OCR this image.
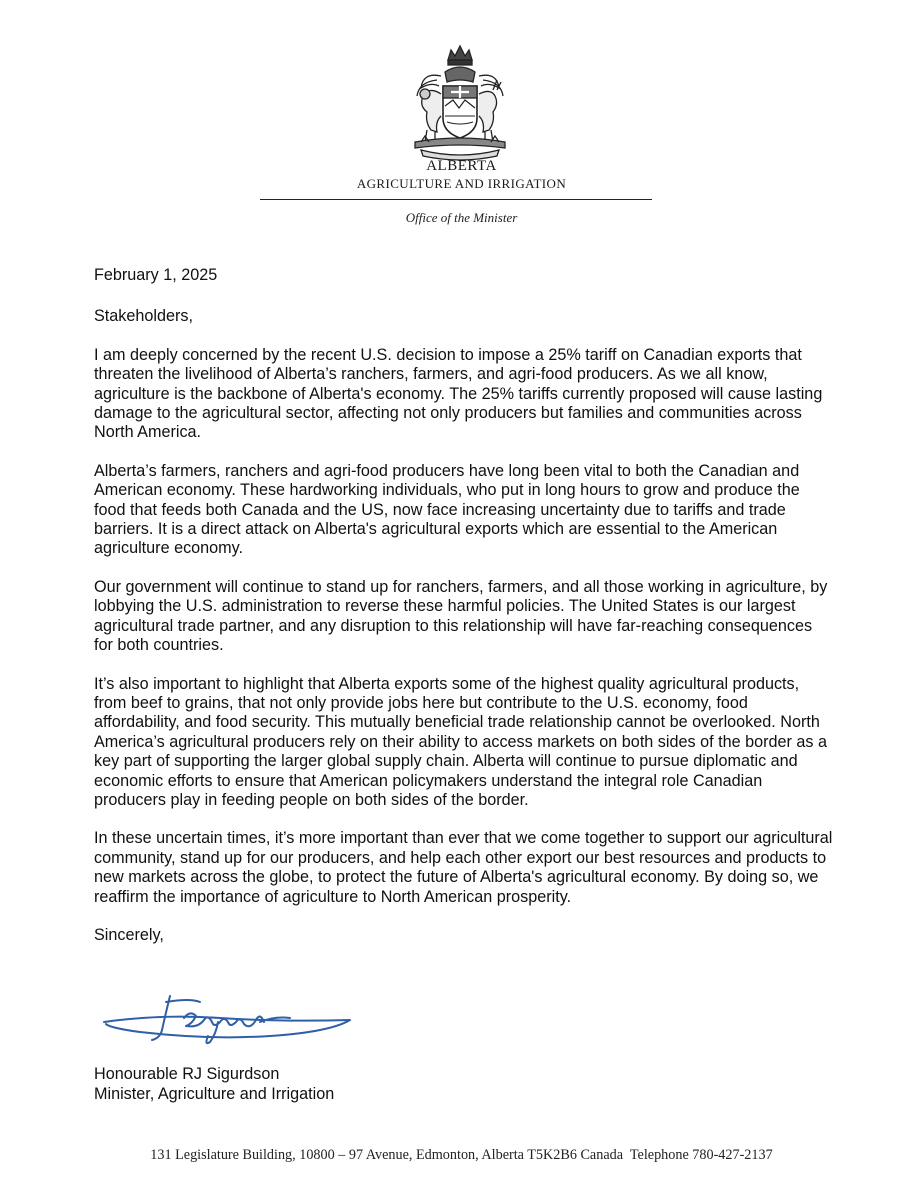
ALBERTA
AGRICULTURE AND IRRIGATION
Office of the Minister

February 1, 2025

Stakeholders,

I am deeply concerned by the recent U.S. decision to impose a 25% tariff on Canadian exports that threaten the livelihood of Alberta’s ranchers, farmers, and agri-food producers. As we all know, agriculture is the backbone of Alberta's economy. The 25% tariffs currently proposed will cause lasting damage to the agricultural sector, affecting not only producers but families and communities across North America.

Alberta’s farmers, ranchers and agri-food producers have long been vital to both the Canadian and American economy. These hardworking individuals, who put in long hours to grow and produce the food that feeds both Canada and the US, now face increasing uncertainty due to tariffs and trade barriers. It is a direct attack on Alberta's agricultural exports which are essential to the American agriculture economy.

Our government will continue to stand up for ranchers, farmers, and all those working in agriculture, by lobbying the U.S. administration to reverse these harmful policies. The United States is our largest agricultural trade partner, and any disruption to this relationship will have far-reaching consequences for both countries.

It’s also important to highlight that Alberta exports some of the highest quality agricultural products, from beef to grains, that not only provide jobs here but contribute to the U.S. economy, food affordability, and food security. This mutually beneficial trade relationship cannot be overlooked. North America’s agricultural producers rely on their ability to access markets on both sides of the border as a key part of supporting the larger global supply chain. Alberta will continue to pursue diplomatic and economic efforts to ensure that American policymakers understand the integral role Canadian producers play in feeding people on both sides of the border.

In these uncertain times, it’s more important than ever that we come together to support our agricultural community, stand up for our producers, and help each other export our best resources and products to new markets across the globe, to protect the future of Alberta's agricultural economy. By doing so, we reaffirm the importance of agriculture to North American prosperity.

Sincerely,

Honourable RJ Sigurdson
Minister, Agriculture and Irrigation
131 Legislature Building, 10800 – 97 Avenue, Edmonton, Alberta T5K2B6 Canada Telephone 780-427-2137
